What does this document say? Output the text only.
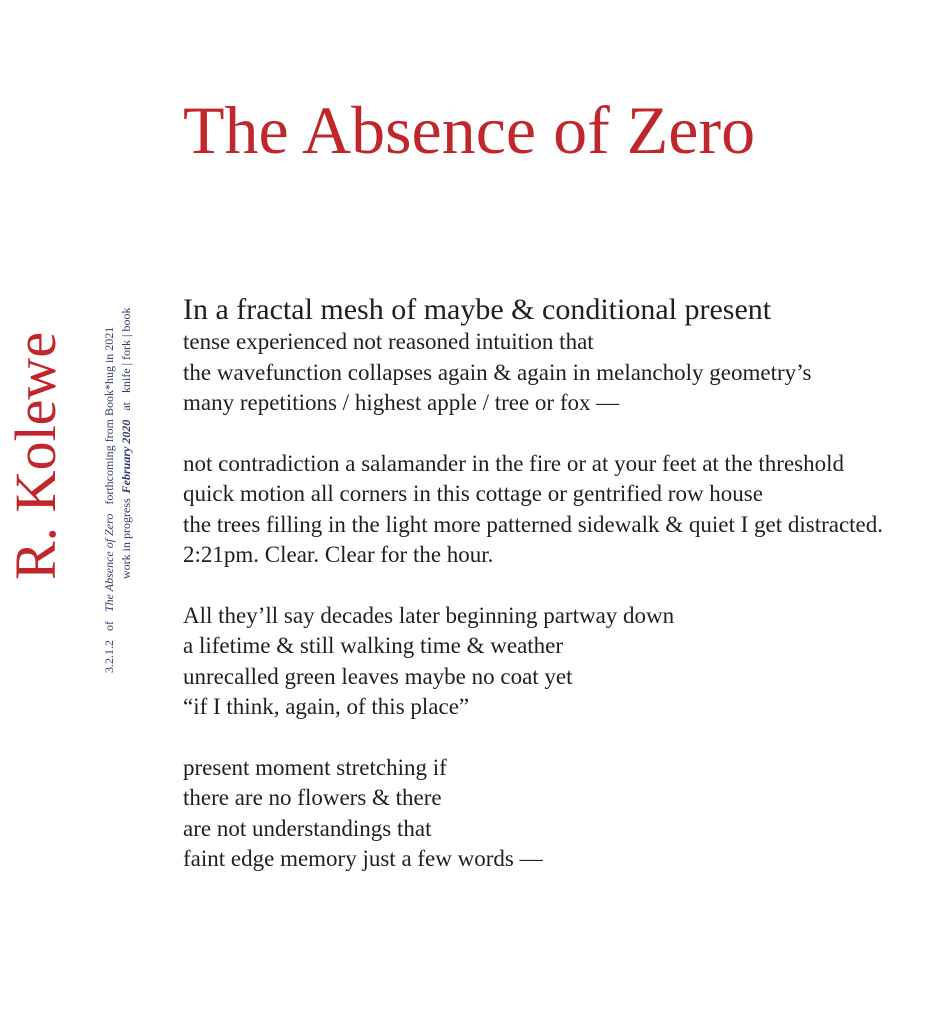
The Absence of Zero
R. Kolewe
3.2.1.2ofThe Absence of Zeroforthcoming from Book*hug in 2021
work in progressFebruary 2020atknife | fork | book In a fractal mesh of maybe & conditional present
tense experienced not reasoned intuition that
the wavefunction collapses again & again in melancholy geometry’s
many repetitions / highest apple / tree or fox —
not contradiction a salamander in the fire or at your feet at the threshold
quick motion all corners in this cottage or gentrified row house
the trees filling in the light more patterned sidewalk & quiet I get distracted.
2:21pm. Clear. Clear for the hour.
All they’ll say decades later beginning partway down
a lifetime & still walking time & weather
unrecalled green leaves maybe no coat yet
“if I think, again, of this place”
present moment stretching if
there are no flowers & there
are not understandings that
faint edge memory just a few words —
